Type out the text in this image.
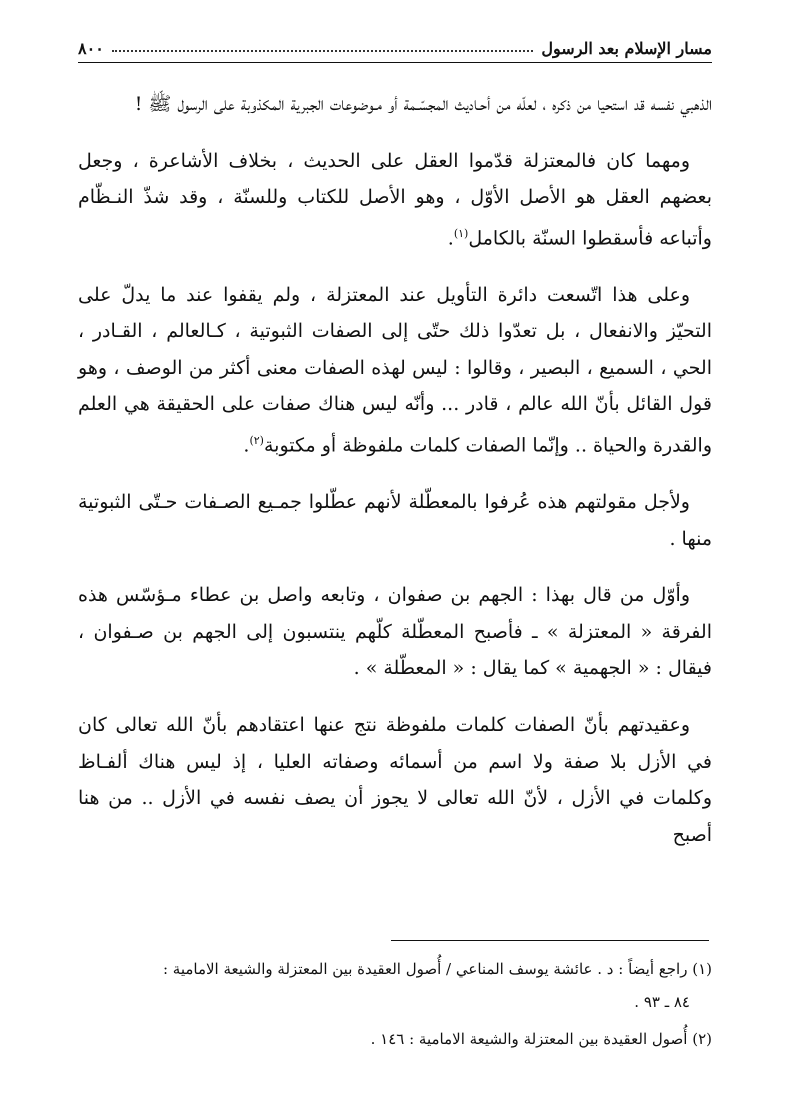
مسار الإسلام بعد الرسول
٨٠٠

الذهبي نفسه قد استحيا من ذكره ، لعلّه من أحـاديث المجسّـمة أو مـوضوعات الجبرية المكذوبة على الرسول ﷺ !

ومهما كان فالمعتزلة قدّموا العقل على الحديث ، بخلاف الأشاعرة ، وجعل بعضهم العقل هو الأصل الأوّل ، وهو الأصل للكتاب وللسنّة ، وقد شذّ النـظّام وأتباعه فأسقطوا السنّة بالكامل$^{(١)}$.

وعلى هذا اتّسعت دائرة التأويل عند المعتزلة ، ولم يقفوا عند ما يدلّ على التحيّز والانفعال ، بل تعدّوا ذلك حتّى إلى الصفات الثبوتية ، كـالعالم ، القـادر ، الحي ، السميع ، البصير ، وقالوا : ليس لهذه الصفات معنى أكثر من الوصف ، وهو قول القائل بأنّ الله عالم ، قادر ... وأنّه ليس هناك صفات على الحقيقة هي العلم والقدرة والحياة .. وإنّما الصفات كلمات ملفوظة أو مكتوبة$^{(٢)}$.

ولأجل مقولتهم هذه عُرفوا بالمعطّلة لأنهم عطّلوا جمـيع الصـفات حـتّى الثبوتية منها .

وأوّل من قال بهذا : الجهم بن صفوان ، وتابعه واصل بن عطاء مـؤسّس هذه الفرقة « المعتزلة » ـ فأصبح المعطّلة كلّهم ينتسبون إلى الجهم بن صـفوان ، فيقال : « الجهمية » كما يقال : « المعطّلة » .

وعقيدتهم بأنّ الصفات كلمات ملفوظة نتج عنها اعتقادهم بأنّ الله تعالى كان في الأزل بلا صفة ولا اسم من أسمائه وصفاته العليا ، إذ ليس هناك ألفـاظ وكلمات في الأزل ، لأنّ الله تعالى لا يجوز أن يصف نفسه في الأزل .. من هنا أصبح

(١) راجع أيضاً : د . عائشة يوسف المناعي / أُصول العقيدة بين المعتزلة والشيعة الامامية :

٨٤ ـ ٩٣ .

(٢) أُصول العقيدة بين المعتزلة والشيعة الامامية : ١٤٦ .
